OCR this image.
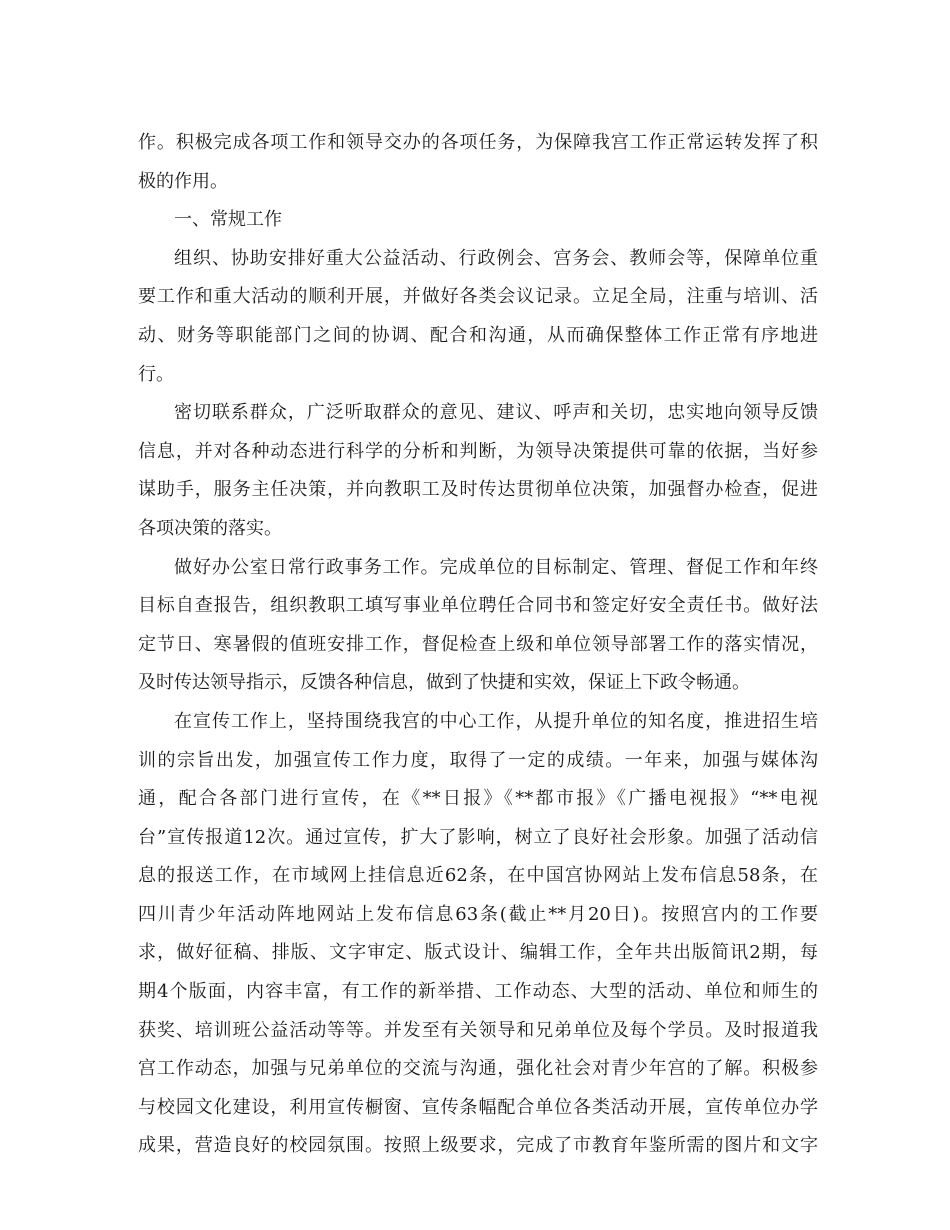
作。积极完成各项工作和领导交办的各项任务，为保障我宫工作正常运转发挥了积
极的作用。
一、常规工作
组织、协助安排好重大公益活动、行政例会、宫务会、教师会等，保障单位重
要工作和重大活动的顺利开展，并做好各类会议记录。立足全局，注重与培训、活
动、财务等职能部门之间的协调、配合和沟通，从而确保整体工作正常有序地进
行。
密切联系群众，广泛听取群众的意见、建议、呼声和关切，忠实地向领导反馈
信息，并对各种动态进行科学的分析和判断，为领导决策提供可靠的依据，当好参
谋助手，服务主任决策，并向教职工及时传达贯彻单位决策，加强督办检查，促进
各项决策的落实。
做好办公室日常行政事务工作。完成单位的目标制定、管理、督促工作和年终
目标自查报告，组织教职工填写事业单位聘任合同书和签定好安全责任书。做好法
定节日、寒暑假的值班安排工作，督促检查上级和单位领导部署工作的落实情况，
及时传达领导指示，反馈各种信息，做到了快捷和实效，保证上下政令畅通。
在宣传工作上，坚持围绕我宫的中心工作，从提升单位的知名度，推进招生培
训的宗旨出发，加强宣传工作力度，取得了一定的成绩。一年来，加强与媒体沟
通，配合各部门进行宣传，在《**日报》《**都市报》《广播电视报》“**电视
台”宣传报道12次。通过宣传，扩大了影响，树立了良好社会形象。加强了活动信
息的报送工作，在市域网上挂信息近62条，在中国宫协网站上发布信息58条，在
四川青少年活动阵地网站上发布信息63条(截止**月20日)。按照宫内的工作要
求，做好征稿、排版、文字审定、版式设计、编辑工作，全年共出版简讯2期，每
期4个版面，内容丰富，有工作的新举措、工作动态、大型的活动、单位和师生的
获奖、培训班公益活动等等。并发至有关领导和兄弟单位及每个学员。及时报道我
宫工作动态，加强与兄弟单位的交流与沟通，强化社会对青少年宫的了解。积极参
与校园文化建设，利用宣传橱窗、宣传条幅配合单位各类活动开展，宣传单位办学
成果，营造良好的校园氛围。按照上级要求，完成了市教育年鉴所需的图片和文字
